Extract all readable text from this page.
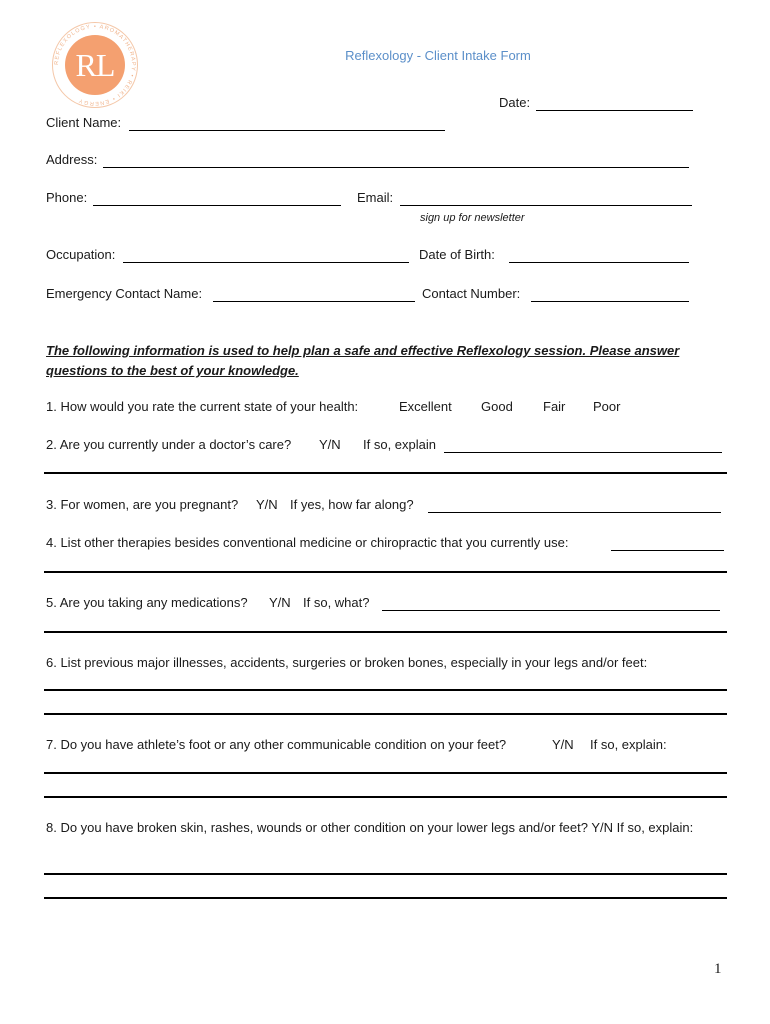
REFLEXOLOGY • AROMATHERAPY • REIKI • ENERGY
RL	Reflexology - Client Intake Form
Date:
Client Name:
Address:
Phone:	Email:
sign up for newsletter
Occupation:	Date of Birth:
Emergency Contact Name:	Contact Number:
The following information is used to help plan a safe and effective Reflexology session. Please answer questions to the best of your knowledge.
1. How would you rate the current state of your health:	Excellent Good Fair Poor
2. Are you currently under a doctor’s care? Y/N If so, explain
3. For women, are you pregnant? Y/N If yes, how far along?
4. List other therapies besides conventional medicine or chiropractic that you currently use:
5. Are you taking any medications? Y/N If so, what?
6. List previous major illnesses, accidents, surgeries or broken bones, especially in your legs and/or feet:
7. Do you have athlete’s foot or any other communicable condition on your feet?	Y/N If so, explain:
8. Do you have broken skin, rashes, wounds or other condition on your lower legs and/or feet? Y/N If so, explain:
1
